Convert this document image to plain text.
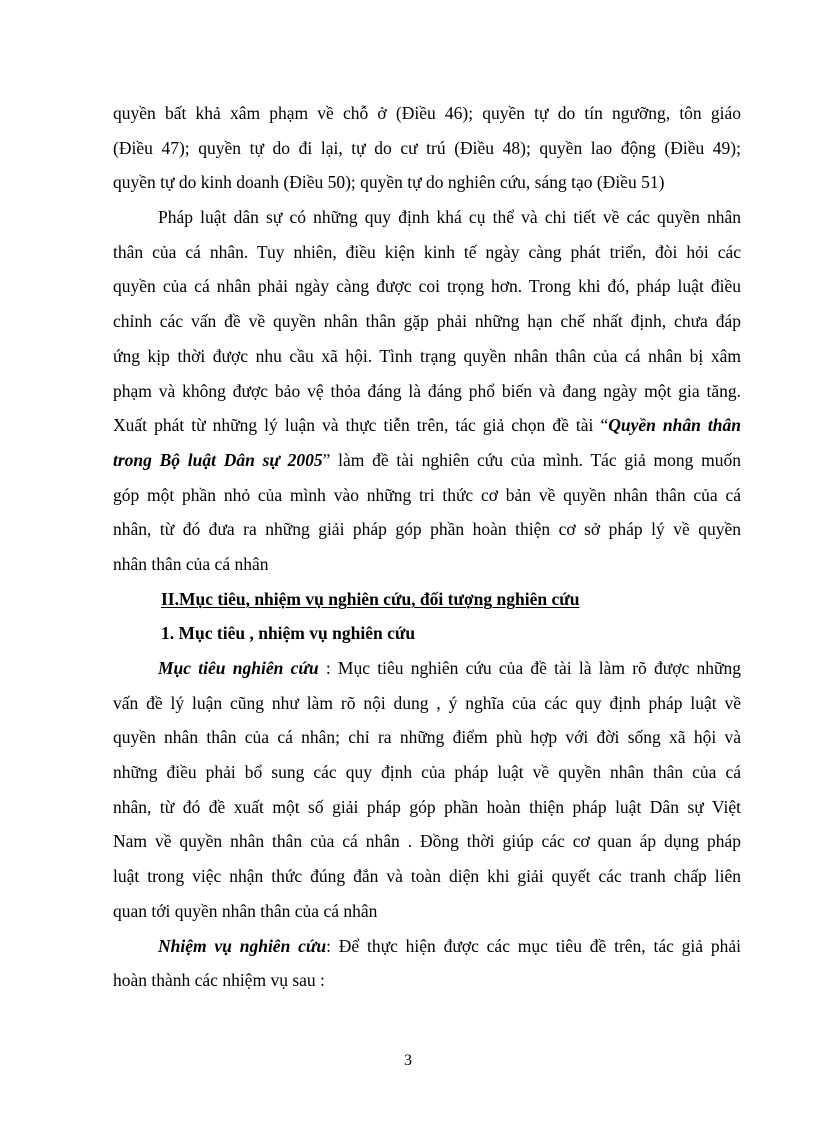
quyền bất khả xâm phạm về chỗ ở (Điều 46); quyền tự do tín ngưỡng, tôn giáo
(Điều 47); quyền tự do đi lại, tự do cư trú (Điều 48); quyền lao động (Điều 49);
quyền tự do kinh doanh (Điều 50); quyền tự do nghiên cứu, sáng tạo (Điều 51)
Pháp luật dân sự có những quy định khá cụ thể và chi tiết về các quyền nhân
thân của cá nhân. Tuy nhiên, điều kiện kinh tế ngày càng phát triển, đòi hỏi các
quyền của cá nhân phải ngày càng được coi trọng hơn. Trong khi đó, pháp luật điều
chỉnh các vấn đề về quyền nhân thân gặp phải những hạn chế nhất định, chưa đáp
ứng kịp thời được nhu cầu xã hội. Tình trạng quyền nhân thân của cá nhân bị xâm
phạm và không được bảo vệ thỏa đáng là đáng phổ biến và đang ngày một gia tăng.
Xuất phát từ những lý luận và thực tiễn trên, tác giả chọn đề tài “Quyền nhân thân
trong Bộ luật Dân sự 2005” làm đề tài nghiên cứu của mình. Tác giả mong muốn
góp một phần nhỏ của mình vào những tri thức cơ bản về quyền nhân thân của cá
nhân, từ đó đưa ra những giải pháp góp phần hoàn thiện cơ sở pháp lý về quyền
nhân thân của cá nhân
II.Mục tiêu, nhiệm vụ nghiên cứu, đối tượng nghiên cứu
1. Mục tiêu , nhiệm vụ nghiên cứu
Mục tiêu nghiên cứu : Mục tiêu nghiên cứu của đề tài là làm rõ được những
vấn đề lý luận cũng như làm rõ nội dung , ý nghĩa của các quy định pháp luật về
quyền nhân thân của cá nhân; chỉ ra những điểm phù hợp với đời sống xã hội và
những điều phải bổ sung các quy định của pháp luật về quyền nhân thân của cá
nhân, từ đó đề xuất một số giải pháp góp phần hoàn thiện pháp luật Dân sự Việt
Nam về quyền nhân thân của cá nhân . Đồng thời giúp các cơ quan áp dụng pháp
luật trong việc nhận thức đúng đắn và toàn diện khi giải quyết các tranh chấp liên
quan tới quyền nhân thân của cá nhân
Nhiệm vụ nghiên cứu: Để thực hiện được các mục tiêu đề trên, tác giả phải
hoàn thành các nhiệm vụ sau :
3
